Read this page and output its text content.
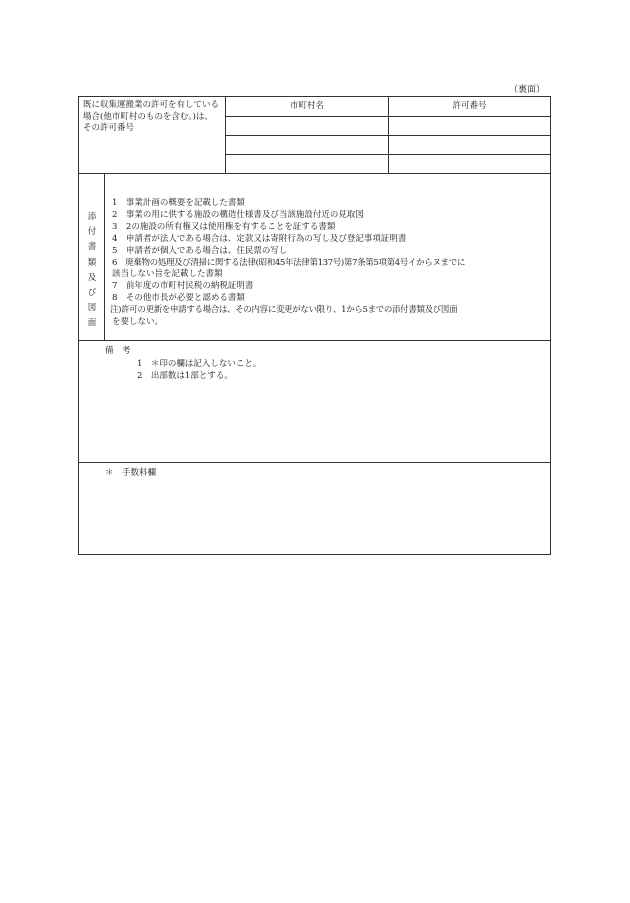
（裏面）
既に収集運搬業の許可を有している場合(他市町村のものを含む。)は、その許可番号
市町村名	許可番号
添
付
書
類
及
び
図
面
1　事業計画の概要を記載した書類
2　事業の用に供する施設の構造仕様書及び当該施設付近の見取図
3　2の施設の所有権又は使用権を有することを証する書類
4　申請者が法人である場合は、定款又は寄附行為の写し及び登記事項証明書
5　申請者が個人である場合は、住民票の写し
6　廃棄物の処理及び清掃に関する法律(昭和45年法律第137号)第7条第5項第4号イからヌまでに
該当しない旨を記載した書類
7　前年度の市町村民税の納税証明書
8　その他市長が必要と認める書類
注)許可の更新を申請する場合は、その内容に変更がない限り、1から5までの添付書類及び図面
を要しない。
備　考
1　＊印の欄は記入しないこと。
2　出部数は1部とする。
＊　手数料欄
